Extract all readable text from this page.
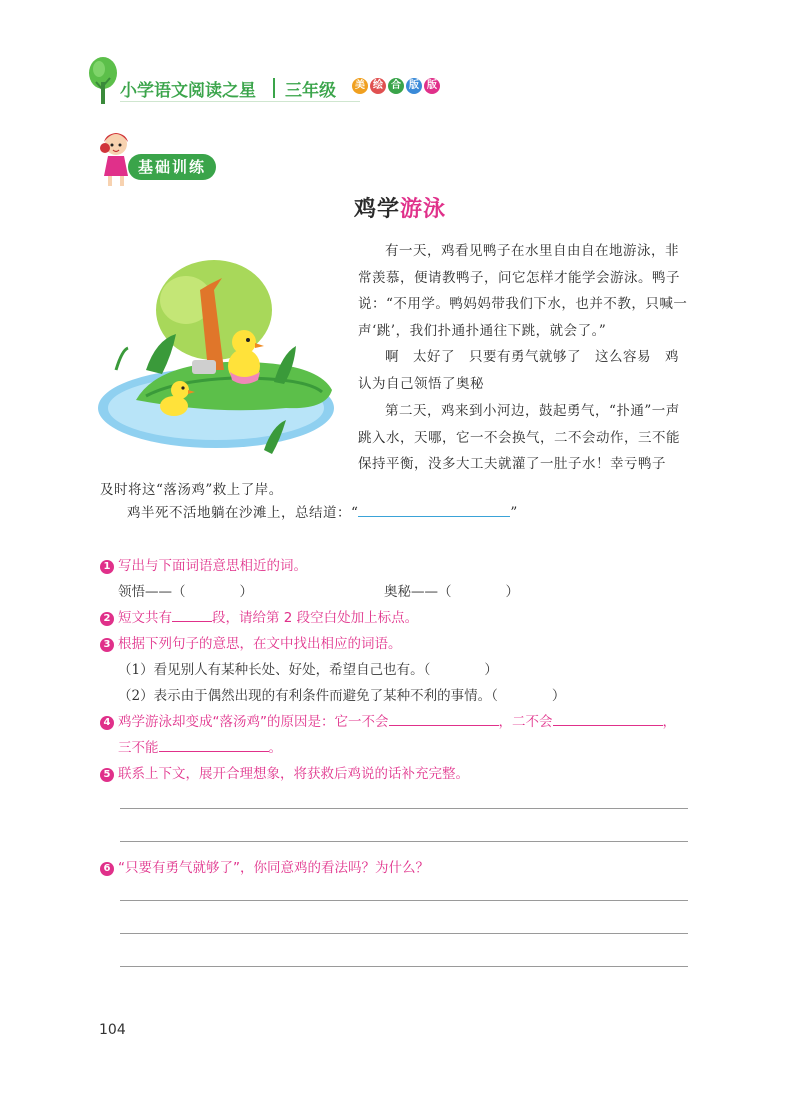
小学语文阅读之星 三年级	美 绘 合 版 版
基础训练
鸡学游泳
有一天，鸡看见鸭子在水里自由自在地游泳，非常羡慕，便请教鸭子，问它怎样才能学会游泳。鸭子说：“不用学。鸭妈妈带我们下水，也并不教，只喊一声‘跳’，我们扑通扑通往下跳，就会了。”
啊　太好了　只要有勇气就够了　这么容易　鸡认为自己领悟了奥秘
第二天，鸡来到小河边，鼓起勇气，“扑通”一声跳入水，天哪，它一不会换气，二不会动作，三不能保持平衡，没多大工夫就灌了一肚子水！幸亏鸭子
及时将这“落汤鸡”救上了岸。
鸡半死不活地躺在沙滩上，总结道：“	”
1 写出与下面词语意思相近的词。
领悟——（　　　　）	奥秘——（　　　　）
2 短文共有	段，请给第 2 段空白处加上标点。
3 根据下列句子的意思，在文中找出相应的词语。
（1）看见别人有某种长处、好处，希望自己也有。（　　　　）
（2）表示由于偶然出现的有利条件而避免了某种不利的事情。（　　　　）
4 鸡学游泳却变成“落汤鸡”的原因是：它一不会	，二不会	，
三不能	。
5 联系上下文，展开合理想象，将获救后鸡说的话补充完整。
6 “只要有勇气就够了”，你同意鸡的看法吗？为什么？
104
